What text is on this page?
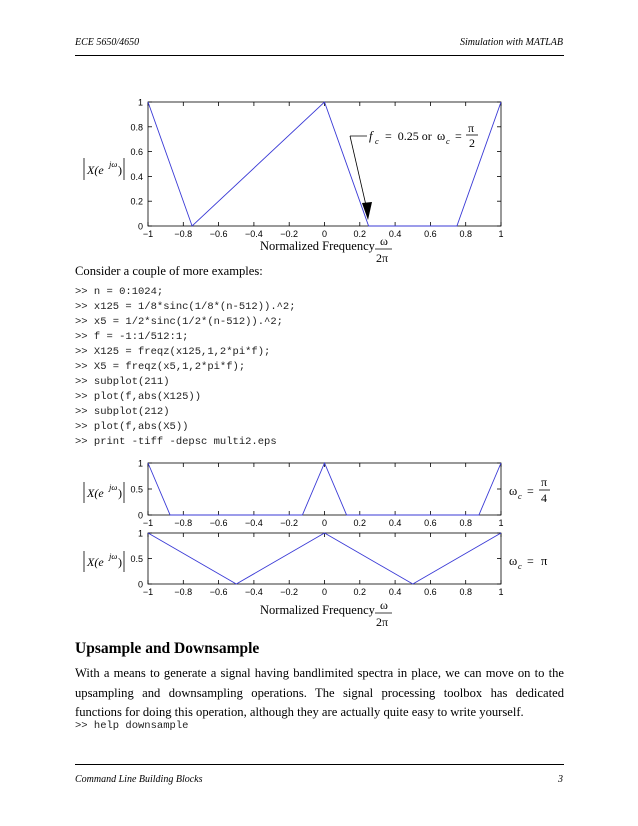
ECE 5650/4650	Simulation with MATLAB
0
0.2
0.4
0.6
0.8
1
−1 −0.8 −0.6 −0.4 −0.2	0	0.2	0.4	0.6	0.8	1
f c =  0.25 or ω c =
π
2
X(e jω )
Normalized Frequency ω
2π
Consider a couple of more examples:
>> n = 0:1024;
>> x125 = 1/8*sinc(1/8*(n-512)).^2;
>> x5 = 1/2*sinc(1/2*(n-512)).^2;
>> f = -1:1/512:1;
>> X125 = freqz(x125,1,2*pi*f);
>> X5 = freqz(x5,1,2*pi*f);
>> subplot(211)
>> plot(f,abs(X125))
>> subplot(212)
>> plot(f,abs(X5))
>> print -tiff -depsc multi2.eps
0
0.5
1
−1 −0.8 −0.6 −0.4 −0.2	0	0.2	0.4	0.6	0.8	1
0
0.5
1
−1 −0.8 −0.6 −0.4 −0.2	0	0.2	0.4	0.6	0.8	1
X(e jω )
X(e jω )
ω c =
π
4
ω c = π
Normalized Frequency ω
2π
Upsample and Downsample
With a means to generate a signal having bandlimited spectra in place, we can move on to the upsampling and downsampling operations. The signal processing toolbox has dedicated functions for doing this operation, although they are actually quite easy to write yourself.
>> help downsample
Command Line Building Blocks	3
